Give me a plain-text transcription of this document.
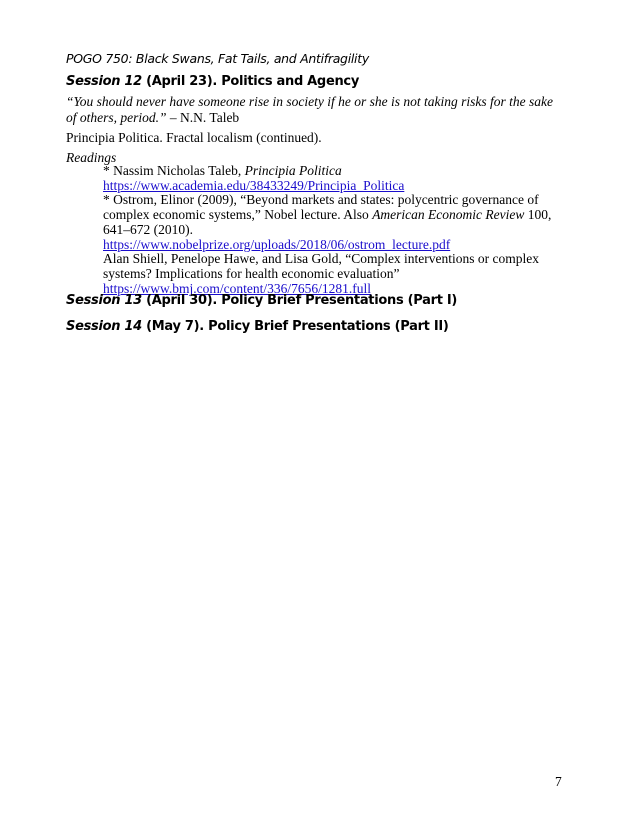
POGO 750: Black Swans, Fat Tails, and Antifragility
Session 12 (April 23). Politics and Agency
“You should never have someone rise in society if he or she is not taking risks for the sake of others, period.” – N.N. Taleb
Principia Politica. Fractal localism (continued).
Readings
* Nassim Nicholas Taleb, Principia Politica
https://www.academia.edu/38433249/Principia_Politica
* Ostrom, Elinor (2009), “Beyond markets and states: polycentric governance of complex economic systems,” Nobel lecture. Also American Economic Review 100, 641–672 (2010).
https://www.nobelprize.org/uploads/2018/06/ostrom_lecture.pdf
Alan Shiell, Penelope Hawe, and Lisa Gold, “Complex interventions or complex systems? Implications for health economic evaluation”
https://www.bmj.com/content/336/7656/1281.full
Session 13 (April 30). Policy Brief Presentations (Part I)
Session 14 (May 7). Policy Brief Presentations (Part II)
7
